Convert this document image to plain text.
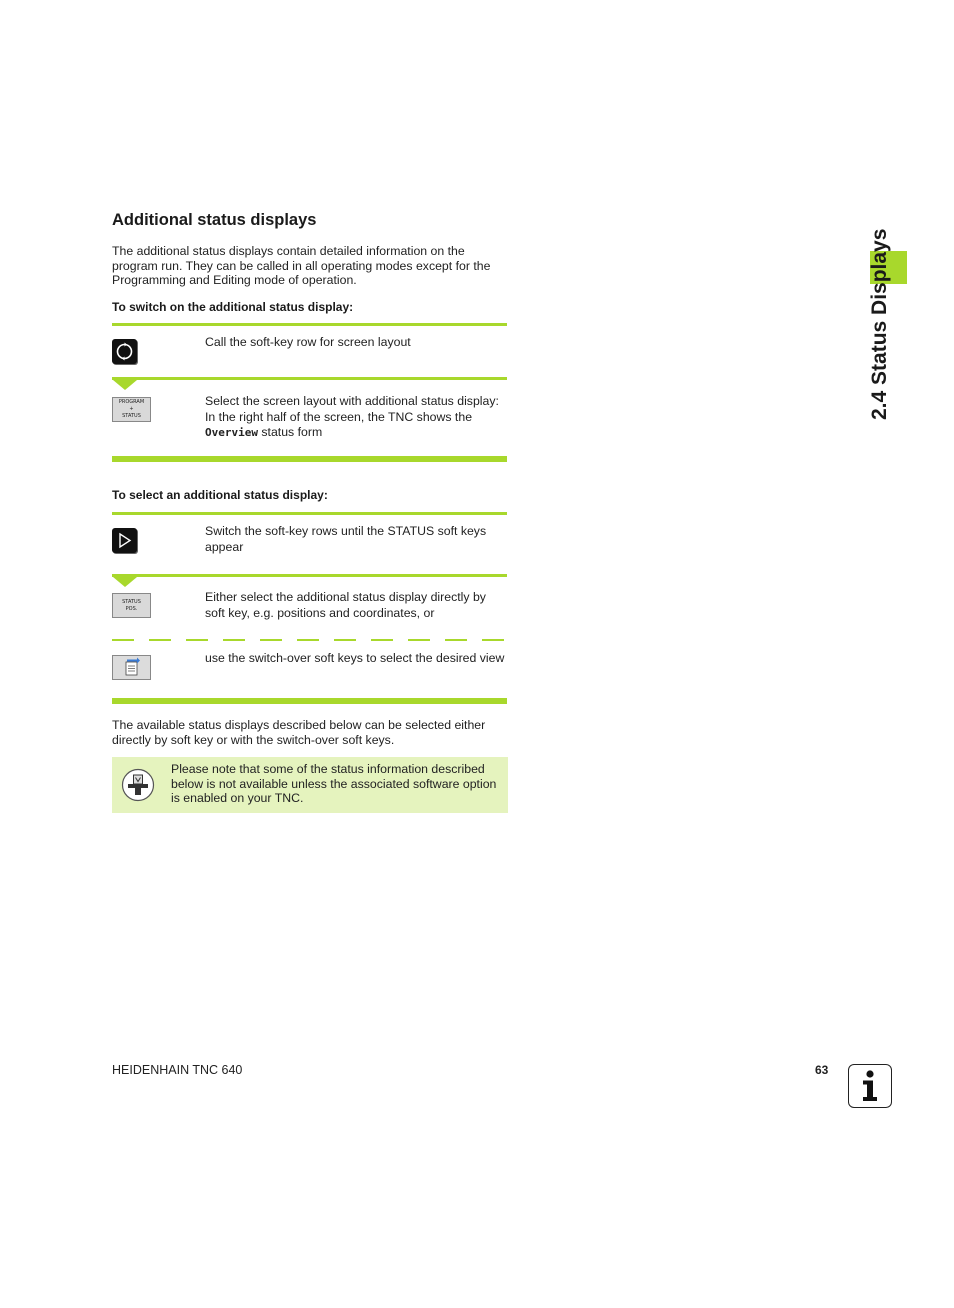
Additional status displays

The additional status displays contain detailed information on the program run. They can be called in all operating modes except for the Programming and Editing mode of operation.

To switch on the additional status display:

Call the soft-key row for screen layout

PROGRAM
+
STATUS

Select the screen layout with additional status display: In the right half of the screen, the TNC shows the Overview status form

To select an additional status display:

Switch the soft-key rows until the STATUS soft keys appear

STATUS
POS.

Either select the additional status display directly by soft key, e.g. positions and coordinates, or

use the switch-over soft keys to select the desired view

The available status displays described below can be selected either directly by soft key or with the switch-over soft keys.

Please note that some of the status information described below is not available unless the associated software option is enabled on your TNC.

2.4 Status Displays
HEIDENHAIN TNC 640	63
